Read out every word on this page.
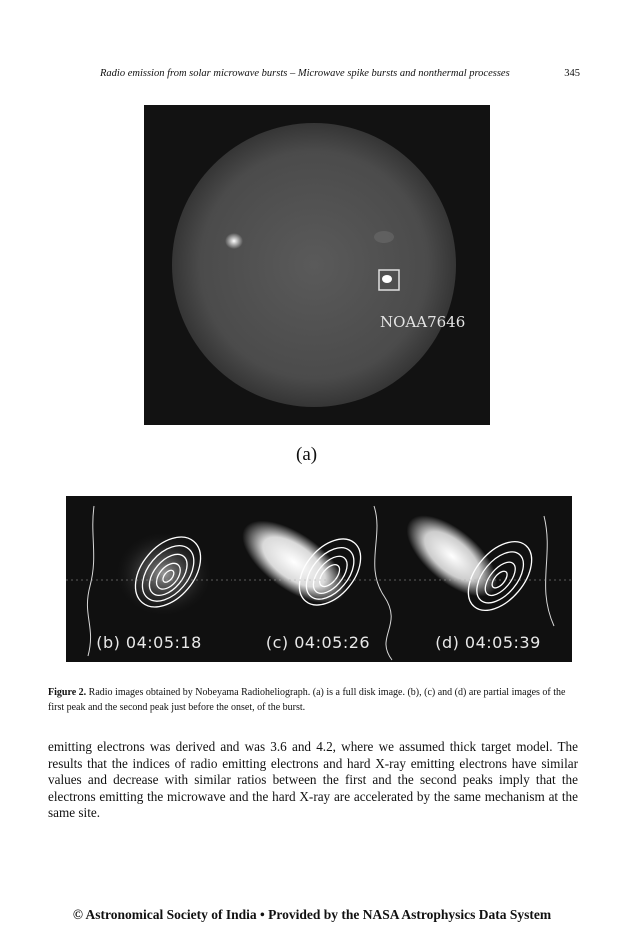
Radio emission from solar microwave bursts – Microwave spike bursts and nonthermal processes	345
NOAA7646
(a)
(b) 04:05:18	(c) 04:05:26	(d) 04:05:39
Figure 2. Radio images obtained by Nobeyama Radioheliograph. (a) is a full disk image. (b), (c) and (d) are partial images of the first peak and the second peak just before the onset, of the burst.
emitting electrons was derived and was 3.6 and 4.2, where we assumed thick target model. The results that the indices of radio emitting electrons and hard X-ray emitting electrons have similar values and decrease with similar ratios between the first and the second peaks imply that the electrons emitting the microwave and the hard X-ray are accelerated by the same mechanism at the same site.
© Astronomical Society of India • Provided by the NASA Astrophysics Data System
